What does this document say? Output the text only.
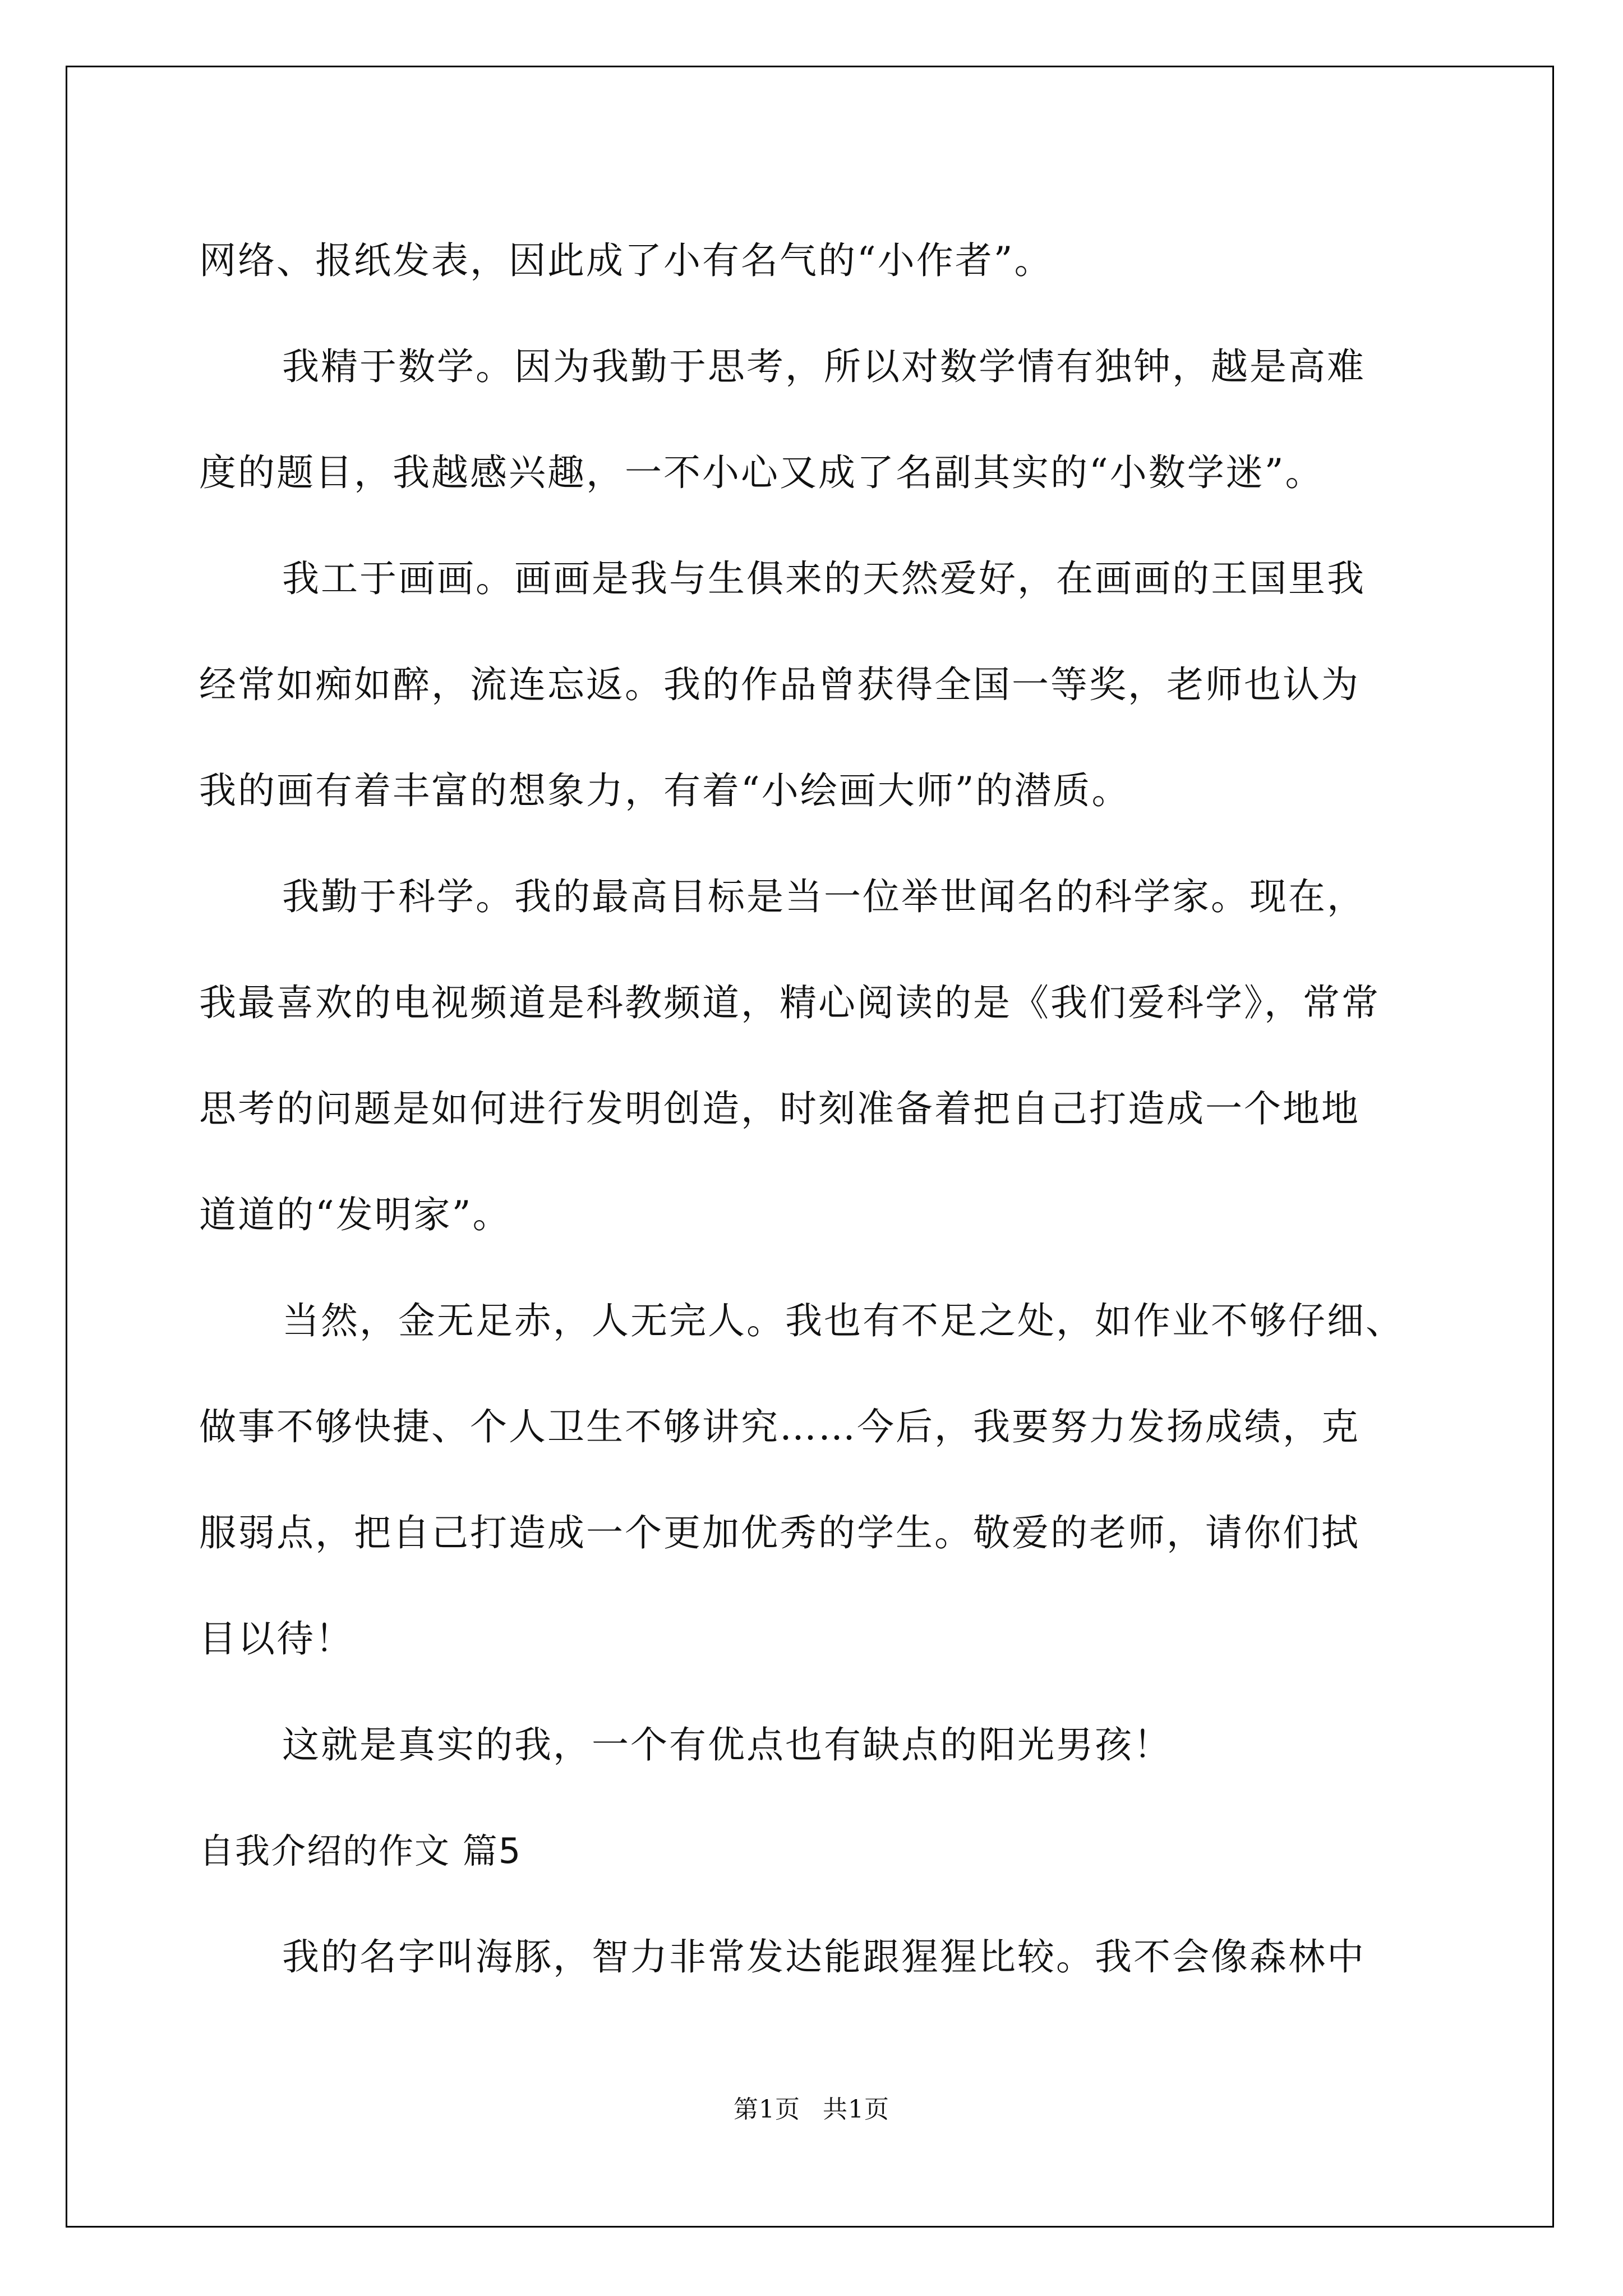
网络、报纸发表，因此成了小有名气的“小作者”。
我精于数学。因为我勤于思考，所以对数学情有独钟，越是高难
度的题目，我越感兴趣，一不小心又成了名副其实的“小数学迷”。
我工于画画。画画是我与生俱来的天然爱好，在画画的王国里我
经常如痴如醉，流连忘返。我的作品曾获得全国一等奖，老师也认为
我的画有着丰富的想象力，有着“小绘画大师”的潜质。
我勤于科学。我的最高目标是当一位举世闻名的科学家。现在，
我最喜欢的电视频道是科教频道，精心阅读的是《我们爱科学》，常常
思考的问题是如何进行发明创造，时刻准备着把自己打造成一个地地
道道的“发明家”。
当然，金无足赤，人无完人。我也有不足之处，如作业不够仔细、
做事不够快捷、个人卫生不够讲究……今后，我要努力发扬成绩，克
服弱点，把自己打造成一个更加优秀的学生。敬爱的老师，请你们拭
目以待！
这就是真实的我，一个有优点也有缺点的阳光男孩！
自我介绍的作文 篇5
我的名字叫海豚，智力非常发达能跟猩猩比较。我不会像森林中
第1页 共1页
